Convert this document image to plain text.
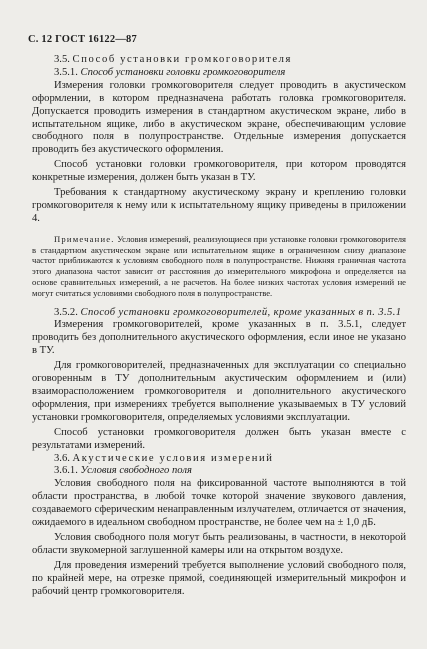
С. 12 ГОСТ 16122—87

3.5. Способ установки громкоговорителя

3.5.1. Способ установки головки громкоговорителя

Измерения головки громкоговорителя следует проводить в акустическом оформлении, в котором предназначена работать головка громкоговорителя. Допускается проводить измерения в стандартном акустическом экране, либо в испытательном ящике, либо в акустическом экране, обеспечивающим условие свободного поля в полупространстве. Отдельные измерения допускается проводить без акустического оформления.

Способ установки головки громкоговорителя, при котором проводятся конкретные измерения, должен быть указан в ТУ.

Требования к стандартному акустическому экрану и креплению головки громкоговорителя к нему или к испытательному ящику приведены в приложении 4.

Примечание. Условия измерений, реализующиеся при установке головки громкоговорителя в стандартном акустическом экране или испытательном ящике в ограниченном снизу диапазоне частот приближаются к условиям свободного поля в полупространстве. Нижняя граничная частота этого диапазона частот зависит от расстояния до измерительного микрофона и определяется на основе сравнительных измерений, а не расчетов. На более низких частотах условия измерений не могут считаться условиями свободного поля в полупространстве.

3.5.2. Способ установки громкоговорителей, кроме указанных в п. 3.5.1

Измерения громкоговорителей, кроме указанных в п. 3.5.1, следует проводить без дополнительного акустического оформления, если иное не указано в ТУ.

Для громкоговорителей, предназначенных для эксплуатации со специально оговоренным в ТУ дополнительным акустическим оформлением и (или) взаиморасположением громкоговорителя и дополнительного акустического оформления, при измерениях требуется выполнение указываемых в ТУ условий установки громкоговорителя, определяемых условиями эксплуатации.

Способ установки громкоговорителя должен быть указан вместе с результатами измерений.

3.6. Акустические условия измерений

3.6.1. Условия свободного поля

Условия свободного поля на фиксированной частоте выполняются в той области пространства, в любой точке которой значение звукового давления, создаваемого сферическим ненаправленным излучателем, отличается от значения, ожидаемого в идеальном свободном пространстве, не более чем на ± 1,0 дБ.

Условия свободного поля могут быть реализованы, в частности, в некоторой области звукомерной заглушенной камеры или на открытом воздухе.

Для проведения измерений требуется выполнение условий свободного поля, по крайней мере, на отрезке прямой, соединяющей измерительный микрофон и рабочий центр громкоговорителя.
